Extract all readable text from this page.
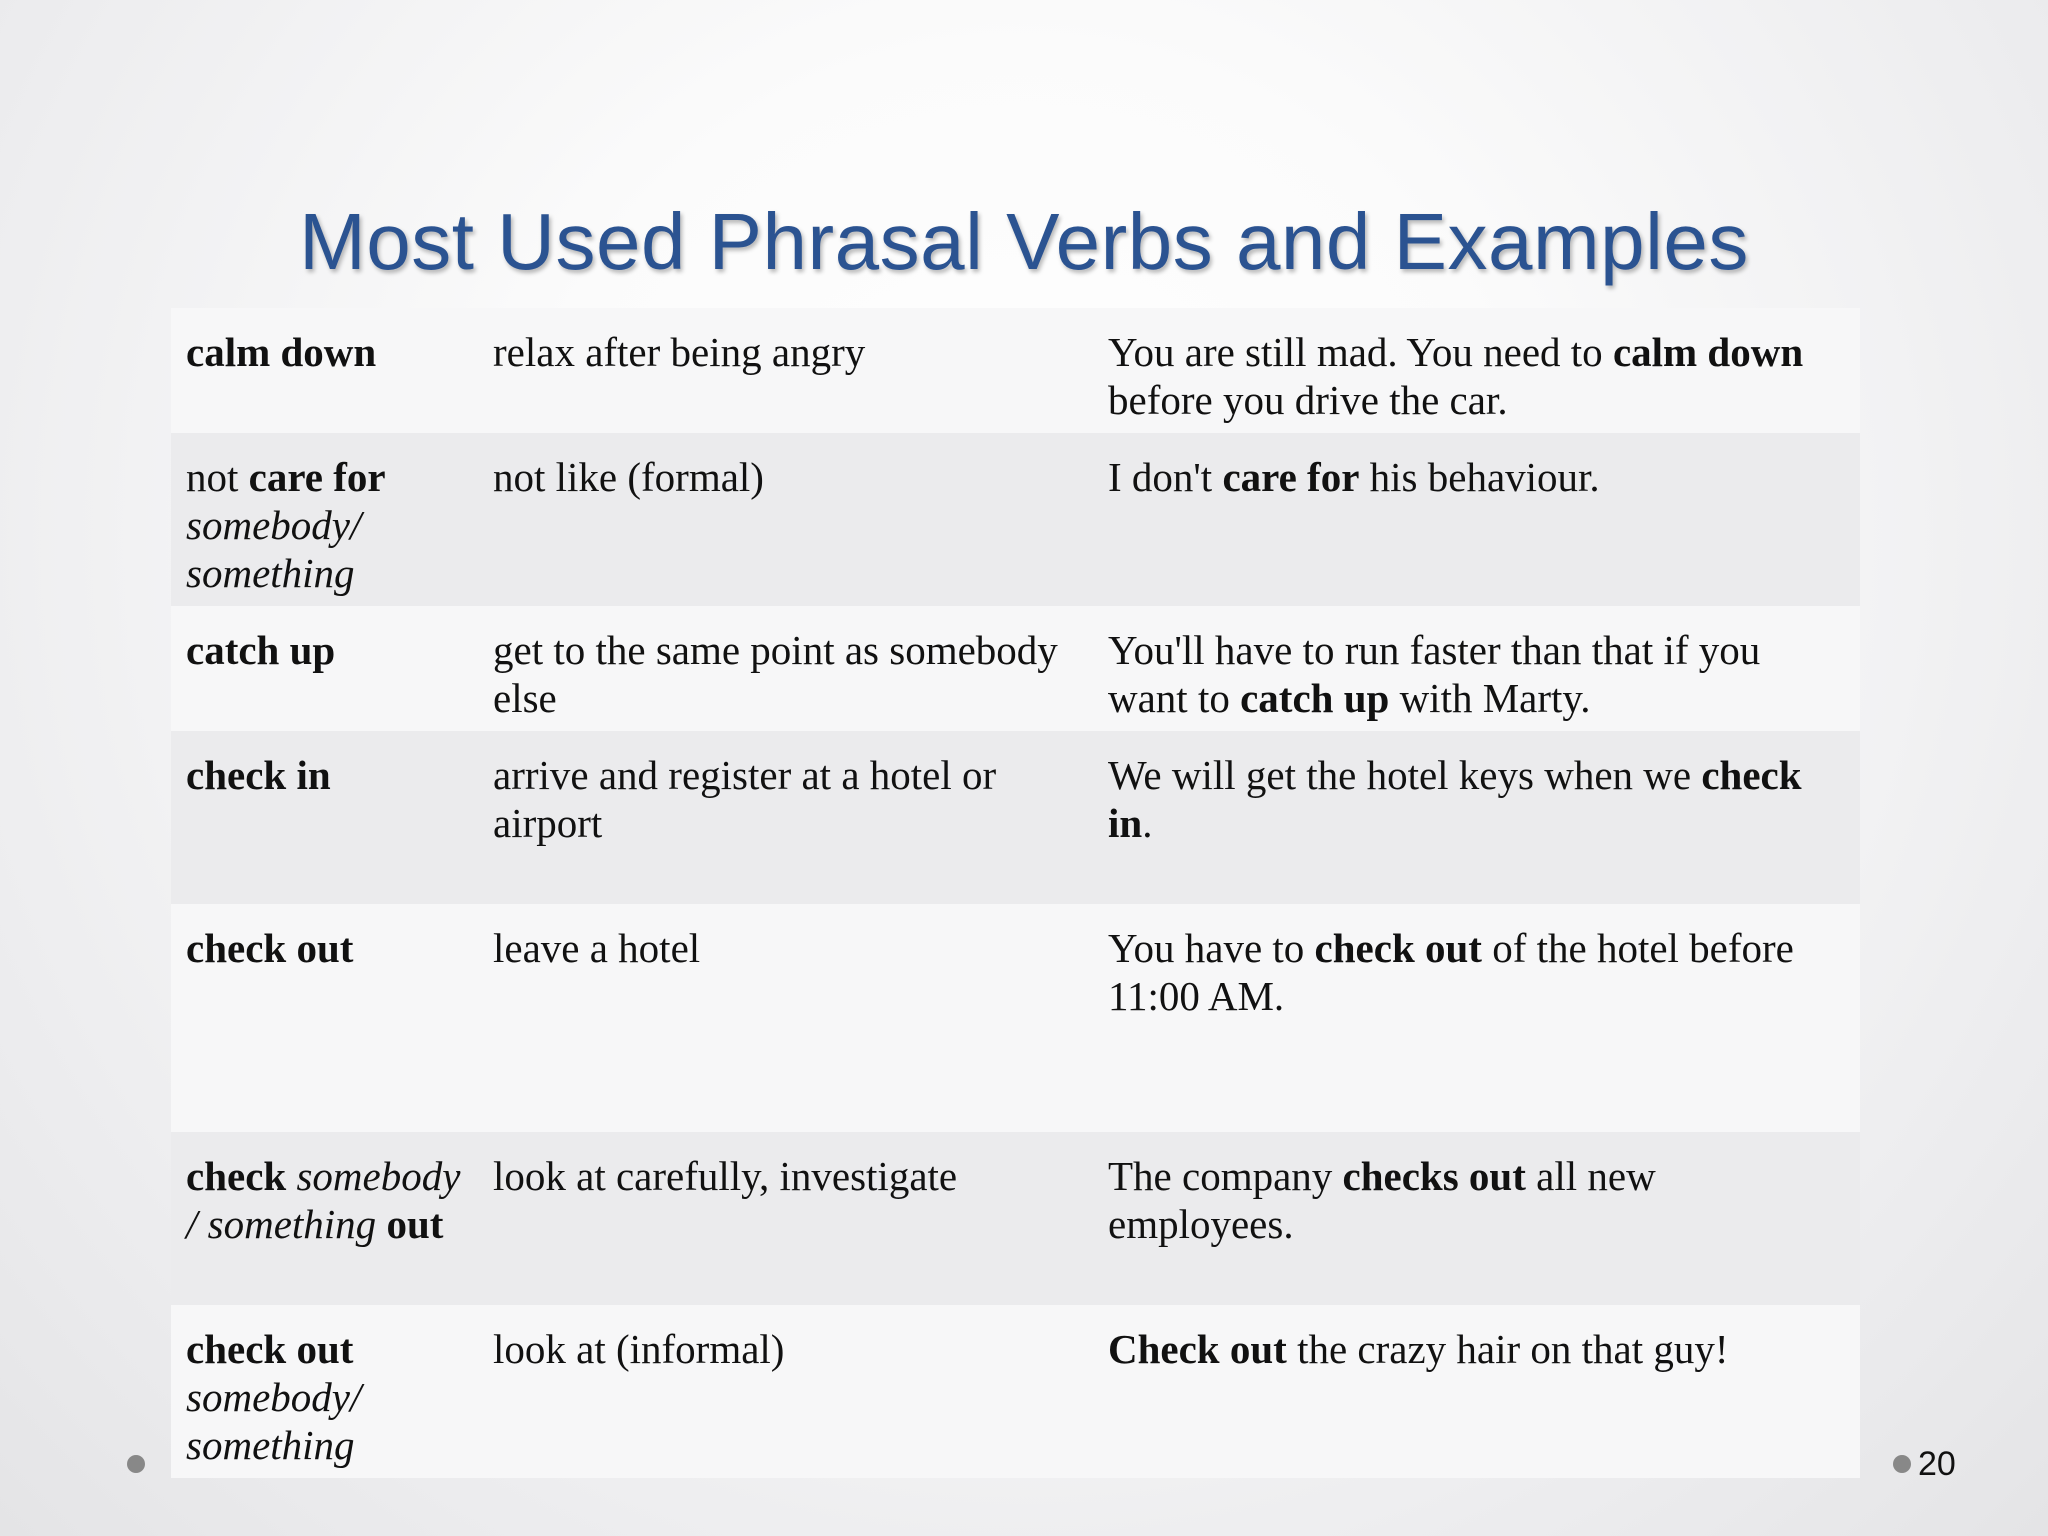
Most Used Phrasal Verbs and Examples
calm down	relax after being angry	You are still mad. You need to calm down before you drive the car.
not care for somebody/ something	not like (formal)	I don't care for his behaviour.
catch up	get to the same point as somebody else	You'll have to run faster than that if you want to catch up with Marty.
check in	arrive and register at a hotel or airport	We will get the hotel keys when we check in.
check out	leave a hotel	You have to check out of the hotel before 11:00 AM.
check somebody / something out	look at carefully, investigate	The company checks out all new employees.
check out somebody/ something	look at (informal)	Check out the crazy hair on that guy!
20
